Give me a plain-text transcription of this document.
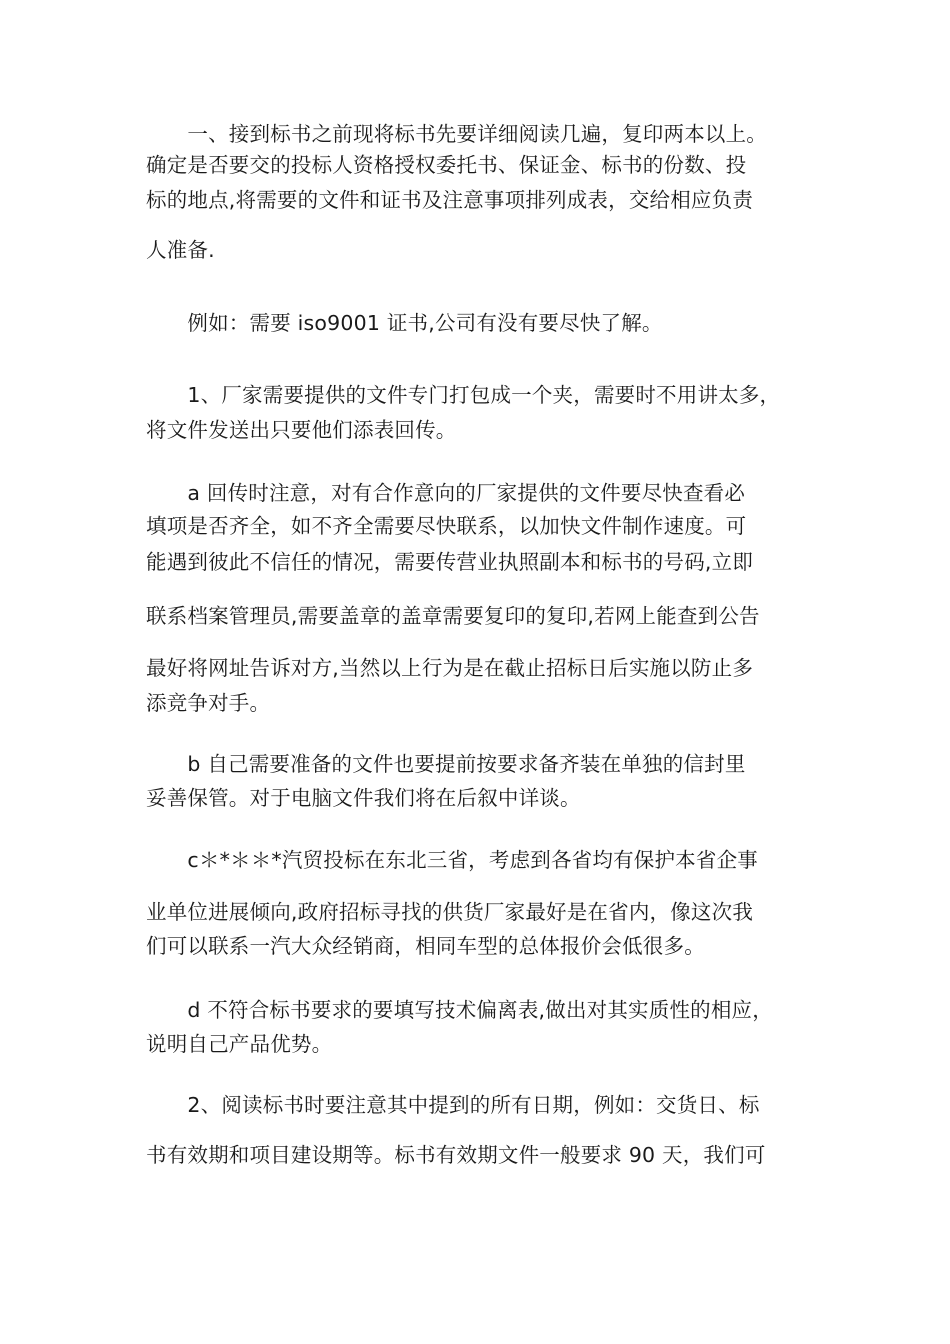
　　一、接到标书之前现将标书先要详细阅读几遍，复印两本以上。
确定是否要交的投标人资格授权委托书、保证金、标书的份数、投
标的地点,将需要的文件和证书及注意事项排列成表，交给相应负责
人准备.
　　例如：需要 iso9001 证书,公司有没有要尽快了解。
　　1、厂家需要提供的文件专门打包成一个夹，需要时不用讲太多，
将文件发送出只要他们添表回传。
　　a 回传时注意，对有合作意向的厂家提供的文件要尽快查看必
填项是否齐全，如不齐全需要尽快联系，以加快文件制作速度。可
能遇到彼此不信任的情况，需要传营业执照副本和标书的号码,立即
联系档案管理员,需要盖章的盖章需要复印的复印,若网上能查到公告
最好将网址告诉对方,当然以上行为是在截止招标日后实施以防止多
添竞争对手。
　　b 自己需要准备的文件也要提前按要求备齐装在单独的信封里
妥善保管。对于电脑文件我们将在后叙中详谈。
　　c＊*＊＊*汽贸投标在东北三省，考虑到各省均有保护本省企事
业单位进展倾向,政府招标寻找的供货厂家最好是在省内，像这次我
们可以联系一汽大众经销商，相同车型的总体报价会低很多。
　　d 不符合标书要求的要填写技术偏离表,做出对其实质性的相应，
说明自己产品优势。
　　2、阅读标书时要注意其中提到的所有日期，例如：交货日、标
书有效期和项目建设期等。标书有效期文件一般要求 90 天，我们可
